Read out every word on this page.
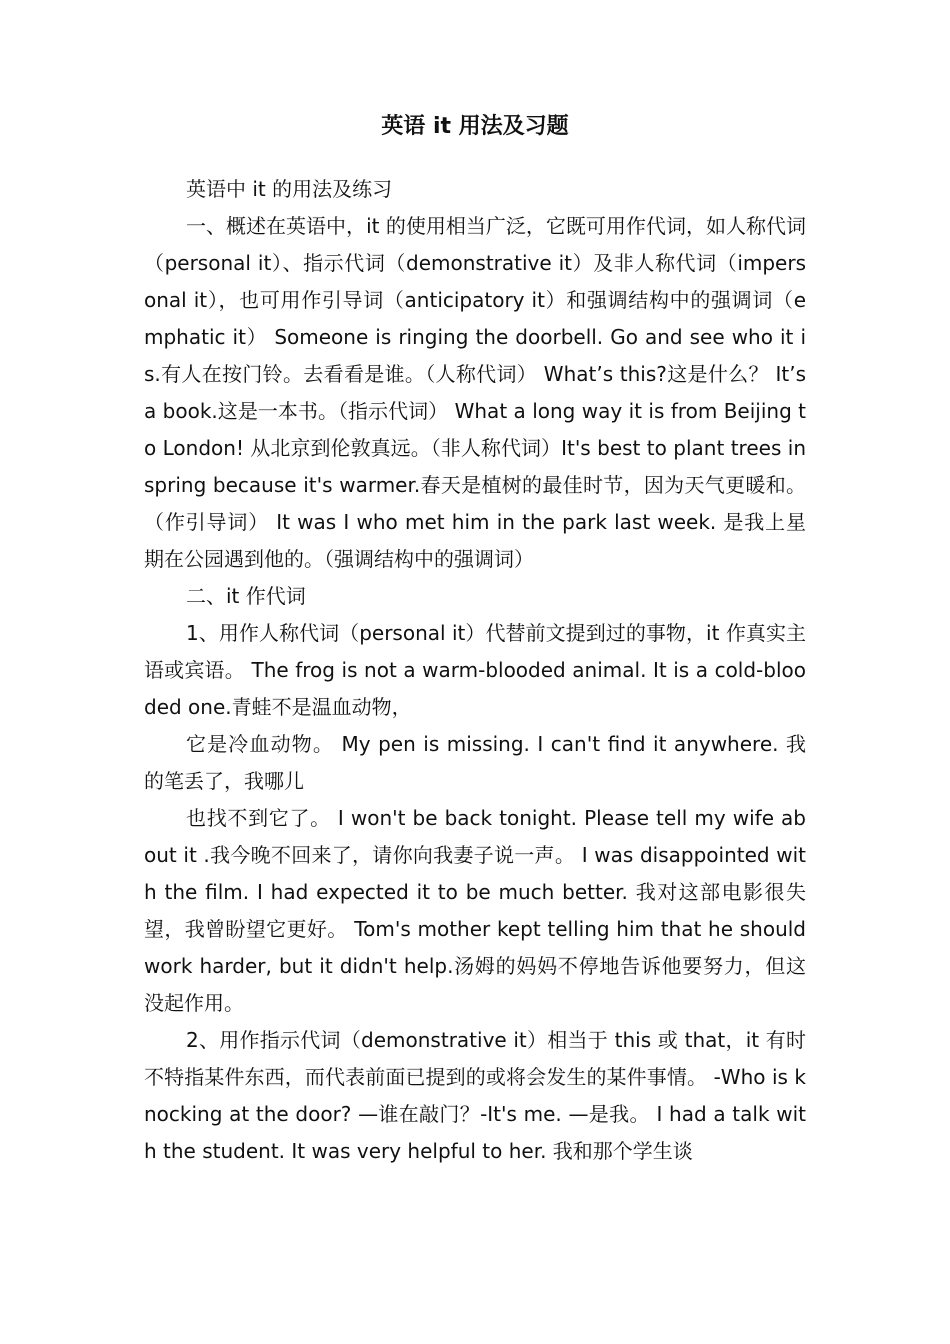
英语 it 用法及习题

英语中 it 的用法及练习

一、概述在英语中，it 的使用相当广泛，它既可用作代词，如人称代词（personal it）、指示代词（demonstrative it）及非人称代词（impersonal it），也可用作引导词（anticipatory it）和强调结构中的强调词（emphatic it） Someone is ringing the doorbell. Go and see who it is.有人在按门铃。去看看是谁。（人称代词） What’s this?这是什么？ It’s a book.这是一本书。（指示代词） What a long way it is from Beijing to London! 从北京到伦敦真远。（非人称代词）It's best to plant trees in spring because it's warmer.春天是植树的最佳时节，因为天气更暖和。（作引导词） It was I who met him in the park last week. 是我上星期在公园遇到他的。（强调结构中的强调词）

二、it 作代词

1、用作人称代词（personal it）代替前文提到过的事物，it 作真实主语或宾语。 The frog is not a warm-blooded animal. It is a cold-blooded one.青蛙不是温血动物，

它是冷血动物。 My pen is missing. I can't find it anywhere. 我的笔丢了，我哪儿

也找不到它了。 I won't be back tonight. Please tell my wife about it .我今晚不回来了，请你向我妻子说一声。 I was disappointed with the film. I had expected it to be much better. 我对这部电影很失望，我曾盼望它更好。 Tom's mother kept telling him that he should work harder, but it didn't help.汤姆的妈妈不停地告诉他要努力，但这没起作用。

2、用作指示代词（demonstrative it）相当于 this 或 that，it 有时不特指某件东西，而代表前面已提到的或将会发生的某件事情。 -Who is knocking at the door? —谁在敲门？-It's me. —是我。 I had a talk with the student. It was very helpful to her. 我和那个学生谈
